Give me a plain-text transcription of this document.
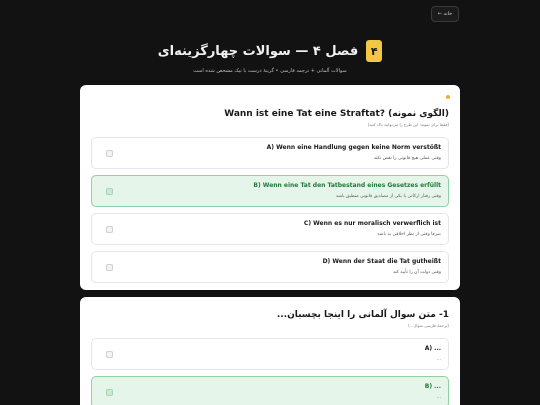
← خانه
۴
فصل ۴ — سوالات چهارگزینه‌ای
سوالات آلمانی + ترجمه فارسی • گزینهٔ درست با تیک مشخص شده است
Wann ist eine Tat eine Straftat? (الگوی نمونه)
(فقط برای نمونه؛ این طرح را می‌توانید پاک کنید)
A) Wenn eine Handlung gegen keine Norm verstößt
وقتی عملی هیچ قانونی را نقض نکند
B) Wenn eine Tat den Tatbestand eines Gesetzes erfüllt
وقتی رفتار ارکانی یا یکی از مصادیق قانونی منطبق باشد
C) Wenn es nur moralisch verwerflich ist
صرفا وقتی از نظر اخلاقی بد باشد
D) Wenn der Staat die Tat gutheißt
وقتی دولت آن را تأیید کند
1- متن سوال آلمانی را اینجا بچسبان...
(ترجمهٔ فارسی سوال...)
A) ...
...
B) ...
...
